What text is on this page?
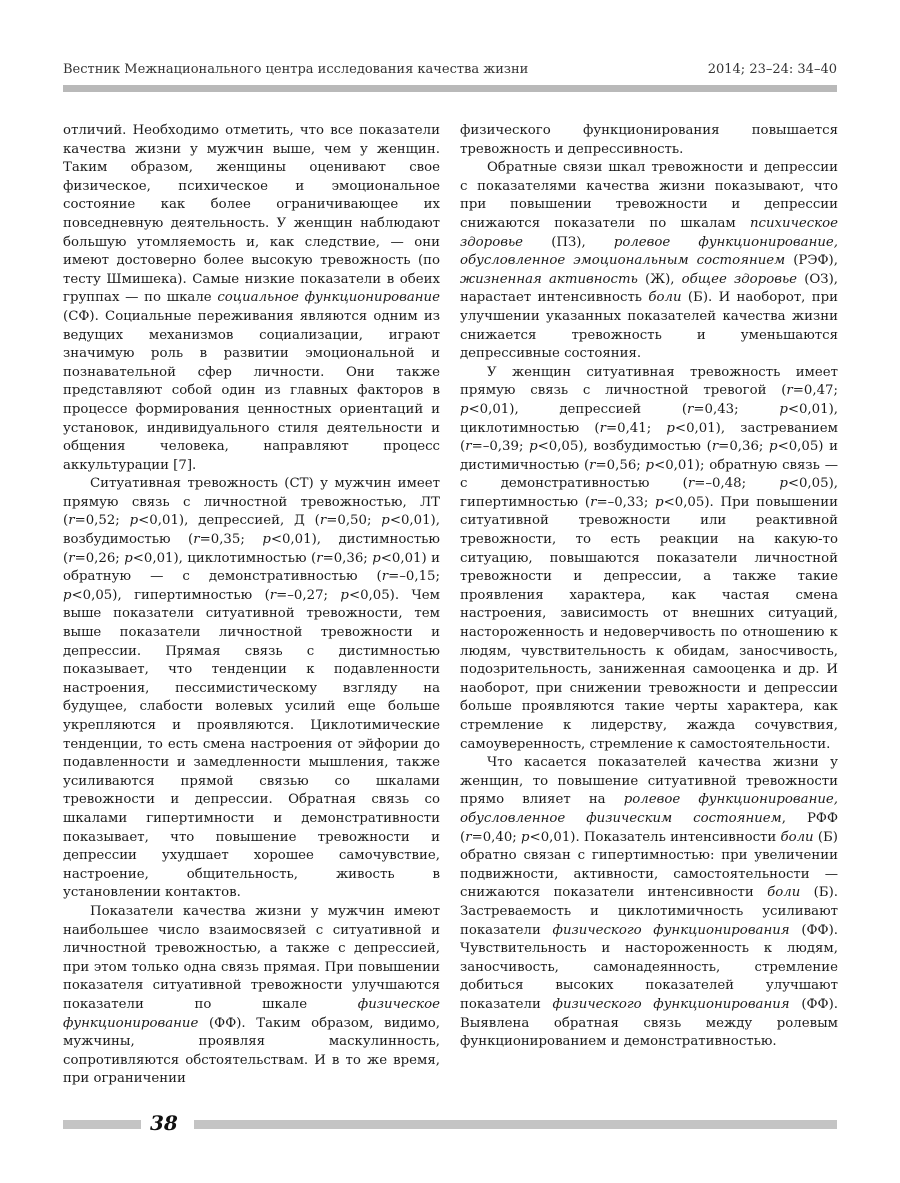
Вестник Межнационального центра исследования качества жизни	2014; 23–24: 34–40

отличий. Необходимо отметить, что все показатели качества жизни у мужчин выше, чем у женщин. Таким образом, женщины оценивают свое физическое, психическое и эмоциональное состояние как более ограничивающее их повседневную деятельность. У женщин наблюдают большую утомляемость и, как следствие, — они имеют достоверно более высокую тревожность (по тесту Шмишека). Самые низкие показатели в обеих группах — по шкале социальное функционирование (СФ). Социальные переживания являются одним из ведущих механизмов социализации, играют значимую роль в развитии эмоциональной и познавательной сфер личности. Они также представляют собой один из главных факторов в процессе формирования ценностных ориентаций и установок, индивидуального стиля деятельности и общения человека, направляют процесс аккультурации [7].

Ситуативная тревожность (СТ) у мужчин имеет прямую связь с личностной тревожностью, ЛТ (r=0,52; p<0,01), депрессией, Д (r=0,50; p<0,01), возбудимостью (r=0,35; p<0,01), дистимностью (r=0,26; p<0,01), циклотимностью (r=0,36; p<0,01) и обратную — с демонстративностью (r=–0,15; p<0,05), гипертимностью (r=–0,27; p<0,05). Чем выше показатели ситуативной тревожности, тем выше показатели личностной тревожности и депрессии. Прямая связь с дистимностью показывает, что тенденции к подавленности настроения, пессимистическому взгляду на будущее, слабости волевых усилий еще больше укрепляются и проявляются. Циклотимические тенденции, то есть смена настроения от эйфории до подавленности и замедленности мышления, также усиливаются прямой связью со шкалами тревожности и депрессии. Обратная связь со шкалами гипертимности и демонстративности показывает, что повышение тревожности и депрессии ухудшает хорошее самочувствие, настроение, общительность, живость в установлении контактов.

Показатели качества жизни у мужчин имеют наибольшее число взаимосвязей с ситуативной и личностной тревожностью, а также с депрессией, при этом только одна связь прямая. При повышении показателя ситуативной тревожности улучшаются показатели по шкале физическое функционирование (ФФ). Таким образом, видимо, мужчины, проявляя маскулинность, сопротивляются обстоятельствам. И в то же время, при ограничении

физического функционирования повышается тревожность и депрессивность.

Обратные связи шкал тревожности и депрессии с показателями качества жизни показывают, что при повышении тревожности и депрессии снижаются показатели по шкалам психическое здоровье (ПЗ), ролевое функционирование, обусловленное эмоциональным состоянием (РЭФ), жизненная активность (Ж), общее здоровье (ОЗ), нарастает интенсивность боли (Б). И наоборот, при улучшении указанных показателей качества жизни снижается тревожность и уменьшаются депрессивные состояния.

У женщин ситуативная тревожность имеет прямую связь с личностной тревогой (r=0,47; p<0,01), депрессией (r=0,43; p<0,01), циклотимностью (r=0,41; p<0,01), застреванием (r=–0,39; p<0,05), возбудимостью (r=0,36; p<0,05) и дистимичностью (r=0,56; p<0,01); обратную связь — с демонстративностью (r=–0,48; p<0,05), гипертимностью (r=–0,33; p<0,05). При повышении ситуативной тревожности или реактивной тревожности, то есть реакции на какую-то ситуацию, повышаются показатели личностной тревожности и депрессии, а также такие проявления характера, как частая смена настроения, зависимость от внешних ситуаций, настороженность и недоверчивость по отношению к людям, чувствительность к обидам, заносчивость, подозрительность, заниженная самооценка и др. И наоборот, при снижении тревожности и депрессии больше проявляются такие черты характера, как стремление к лидерству, жажда сочувствия, самоуверенность, стремление к самостоятельности.

Что касается показателей качества жизни у женщин, то повышение ситуативной тревожности прямо влияет на ролевое функционирование, обусловленное физическим состоянием, РФФ (r=0,40; p<0,01). Показатель интенсивности боли (Б) обратно связан с гипертимностью: при увеличении подвижности, активности, самостоятельности — снижаются показатели интенсивности боли (Б). Застреваемость и циклотимичность усиливают показатели физического функционирования (ФФ). Чувствительность и настороженность к людям, заносчивость, самонадеянность, стремление добиться высоких показателей улучшают показатели физического функционирования (ФФ). Выявлена обратная связь между ролевым функционированием и демонстративностью.

38
